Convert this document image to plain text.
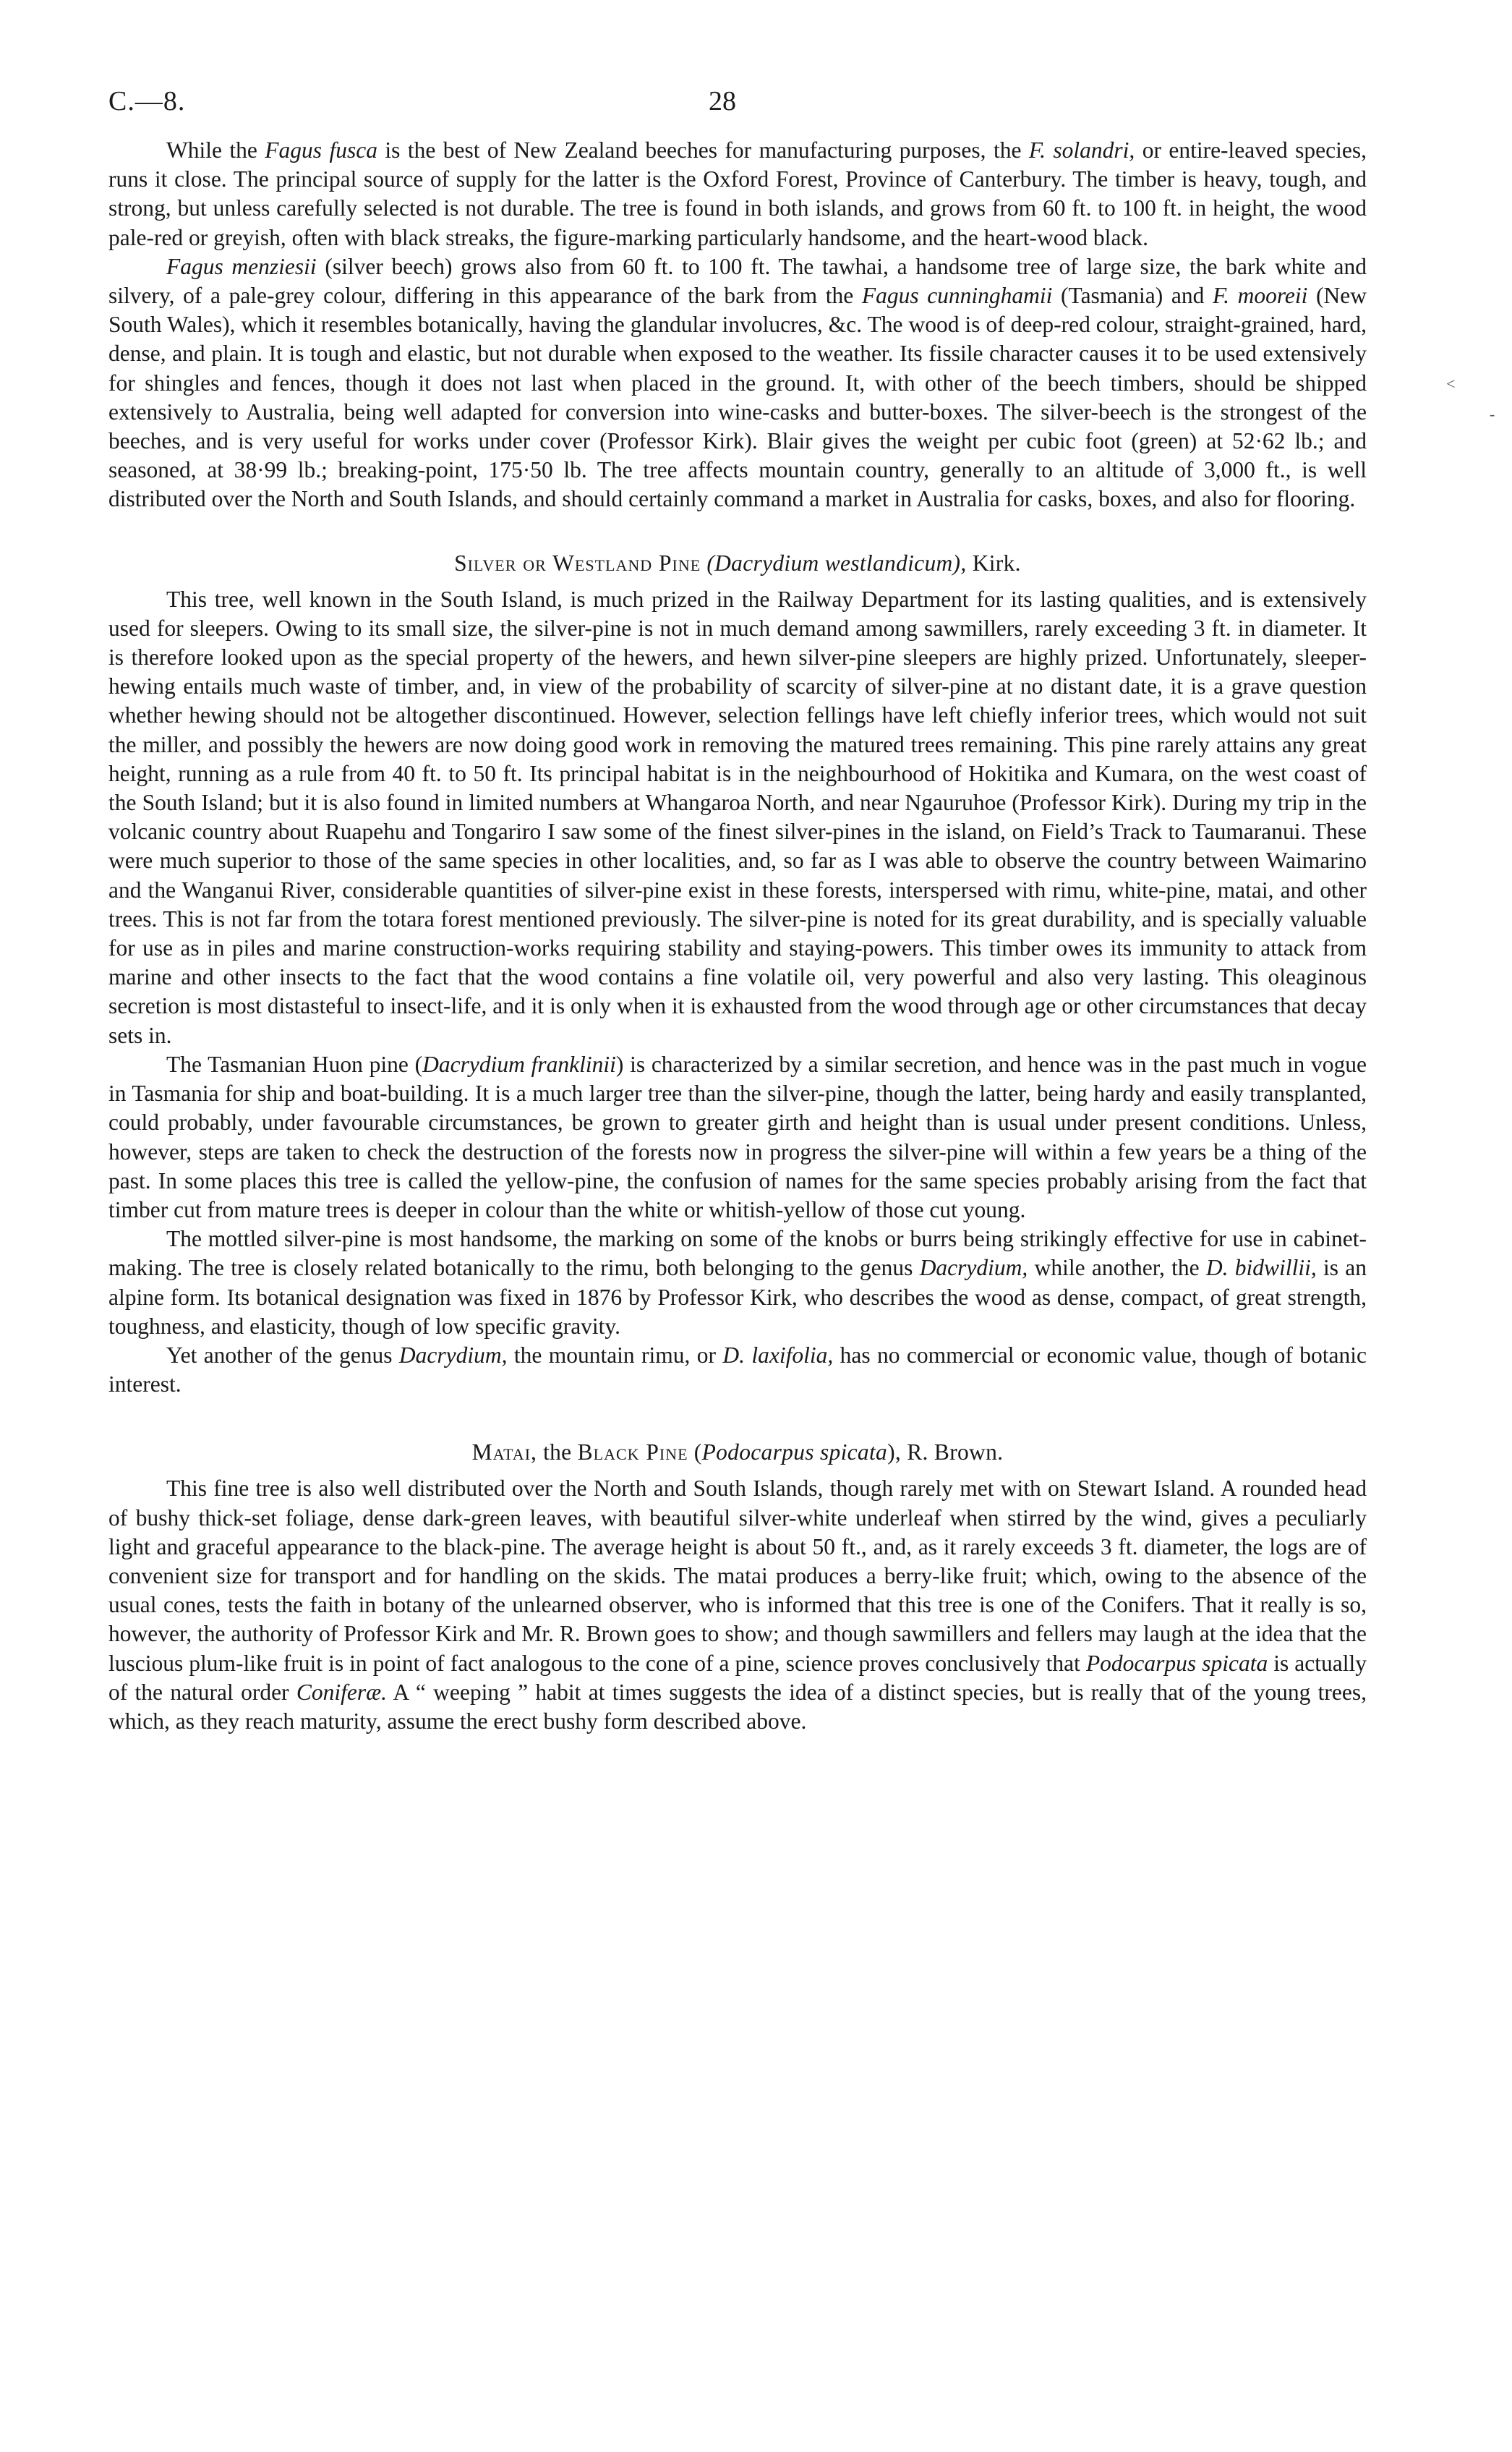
C.—8.	28

While the Fagus fusca is the best of New Zealand beeches for manufacturing purposes, the F. solandri, or entire-leaved species, runs it close. The principal source of supply for the latter is the Oxford Forest, Province of Canterbury. The timber is heavy, tough, and strong, but unless carefully selected is not durable. The tree is found in both islands, and grows from 60 ft. to 100 ft. in height, the wood pale-red or greyish, often with black streaks, the figure-marking particularly handsome, and the heart-wood black.

Fagus menziesii (silver beech) grows also from 60 ft. to 100 ft. The tawhai, a handsome tree of large size, the bark white and silvery, of a pale-grey colour, differing in this appearance of the bark from the Fagus cunninghamii (Tasmania) and F. mooreii (New South Wales), which it resembles botanically, having the glandular involucres, &c. The wood is of deep-red colour, straight-grained, hard, dense, and plain. It is tough and elastic, but not durable when exposed to the weather. Its fissile character causes it to be used extensively for shingles and fences, though it does not last when placed in the ground. It, with other of the beech timbers, should be shipped extensively to Australia, being well adapted for conversion into wine-casks and butter-boxes. The silver-beech is the strongest of the beeches, and is very useful for works under cover (Professor Kirk). Blair gives the weight per cubic foot (green) at 52·62 lb.; and seasoned, at 38·99 lb.; breaking-point, 175·50 lb. The tree affects mountain country, generally to an altitude of 3,000 ft., is well distributed over the North and South Islands, and should certainly command a market in Australia for casks, boxes, and also for flooring.

Silver or Westland Pine (Dacrydium westlandicum), Kirk.

This tree, well known in the South Island, is much prized in the Railway Department for its lasting qualities, and is extensively used for sleepers. Owing to its small size, the silver-pine is not in much demand among sawmillers, rarely exceeding 3 ft. in diameter. It is therefore looked upon as the special property of the hewers, and hewn silver-pine sleepers are highly prized. Unfortunately, sleeper-hewing entails much waste of timber, and, in view of the probability of scarcity of silver-pine at no distant date, it is a grave question whether hewing should not be altogether discontinued. However, selection fellings have left chiefly inferior trees, which would not suit the miller, and possibly the hewers are now doing good work in removing the matured trees remaining. This pine rarely attains any great height, running as a rule from 40 ft. to 50 ft. Its principal habitat is in the neighbourhood of Hokitika and Kumara, on the west coast of the South Island; but it is also found in limited numbers at Whangaroa North, and near Ngauruhoe (Professor Kirk). During my trip in the volcanic country about Ruapehu and Tongariro I saw some of the finest silver-pines in the island, on Field’s Track to Taumaranui. These were much superior to those of the same species in other localities, and, so far as I was able to observe the country between Waimarino and the Wanganui River, considerable quantities of silver-pine exist in these forests, interspersed with rimu, white-pine, matai, and other trees. This is not far from the totara forest mentioned previously. The silver-pine is noted for its great durability, and is specially valuable for use as in piles and marine construction-works requiring stability and staying-powers. This timber owes its immunity to attack from marine and other insects to the fact that the wood contains a fine volatile oil, very powerful and also very lasting. This oleaginous secretion is most distasteful to insect-life, and it is only when it is exhausted from the wood through age or other circumstances that decay sets in.

The Tasmanian Huon pine (Dacrydium franklinii) is characterized by a similar secretion, and hence was in the past much in vogue in Tasmania for ship and boat-building. It is a much larger tree than the silver-pine, though the latter, being hardy and easily transplanted, could probably, under favourable circumstances, be grown to greater girth and height than is usual under present conditions. Unless, however, steps are taken to check the destruction of the forests now in progress the silver-pine will within a few years be a thing of the past. In some places this tree is called the yellow-pine, the confusion of names for the same species probably arising from the fact that timber cut from mature trees is deeper in colour than the white or whitish-yellow of those cut young.

The mottled silver-pine is most handsome, the marking on some of the knobs or burrs being strikingly effective for use in cabinet-making. The tree is closely related botanically to the rimu, both belonging to the genus Dacrydium, while another, the D. bidwillii, is an alpine form. Its botanical designation was fixed in 1876 by Professor Kirk, who describes the wood as dense, compact, of great strength, toughness, and elasticity, though of low specific gravity.

Yet another of the genus Dacrydium, the mountain rimu, or D. laxifolia, has no commercial or economic value, though of botanic interest.

Matai, the Black Pine (Podocarpus spicata), R. Brown.

This fine tree is also well distributed over the North and South Islands, though rarely met with on Stewart Island. A rounded head of bushy thick-set foliage, dense dark-green leaves, with beautiful silver-white underleaf when stirred by the wind, gives a peculiarly light and graceful appearance to the black-pine. The average height is about 50 ft., and, as it rarely exceeds 3 ft. diameter, the logs are of convenient size for transport and for handling on the skids. The matai produces a berry-like fruit; which, owing to the absence of the usual cones, tests the faith in botany of the unlearned observer, who is informed that this tree is one of the Conifers. That it really is so, however, the authority of Professor Kirk and Mr. R. Brown goes to show; and though sawmillers and fellers may laugh at the idea that the luscious plum-like fruit is in point of fact analogous to the cone of a pine, science proves conclusively that Podocarpus spicata is actually of the natural order Coniferæ. A “ weeping ” habit at times suggests the idea of a distinct species, but is really that of the young trees, which, as they reach maturity, assume the erect bushy form described above.

<
-
